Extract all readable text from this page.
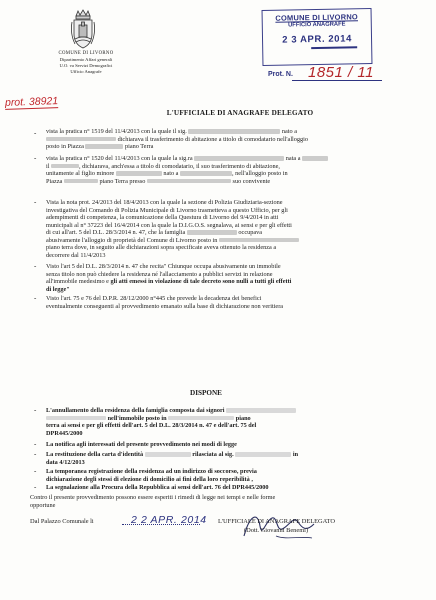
COMUNE DI LIVORNO
Dipartimento Affari generali
U.O. va Servizi Demografici
Ufficio Anagrafe
COMUNE DI LIVORNO
UFFICIO ANAGRAFE
2 3 APR. 2014
Prot. N. 1851 / 11
prot. 38921
L'UFFICIALE DI ANAGRAFE DELEGATO
- vista la pratica n° 1519 del 11/4/2013 con la quale il sig.	nato a
dichiarava il trasferimento di abitazione a titolo di comodatario nell'alloggio
posto in Piazza	piano Terra
- vista la pratica n° 1520 del 11/4/2013 con la quale la sig.ra	nata a
il	, dichiarava, anch'essa a titolo di comodatario, il suo trasferimento di abitazione,
unitamente al figlio minore	nato a	, nell'alloggio posto in
Piazza	piano Terra presso	suo convivente
- Vista la nota prot. 24/2013 del 18/4/2013 con la quale la sezione di Polizia Giudiziaria-sezione
investigativa del Comando di Polizia Municipale di Livorno trasmetteva a questo Ufficio, per gli
adempimenti di competenza, la comunicazione della Questura di Livorno del 9/4/2014 in atti
municipali al n° 37223 del 16/4/2014 con la quale la D.I.G.O.S. segnalava, ai sensi e per gli effetti
di cui all'art. 5 del D.L. 28/3/2014 n. 47, che la famiglia	occupava
abusivamente l'alloggio di proprietà del Comune di Livorno posto in
piano terra dove, in seguito alle dichiarazioni sopra specificate aveva ottenuto la residenza a
decorrere dal 11/4/2013
- Visto l'art 5 del D.L. 28/3/2014 n. 47 che recita" Chiunque occupa abusivamente un immobile
senza titolo non può chiedere la residenza né l'allacciamento a pubblici servizi in relazione
all'immobile medesimo e gli atti emessi in violazione di tale decreto sono nulli a tutti gli effetti
di legge"
- Visto l'art. 75 e 76 del D.P.R. 28/12/2000 n°445 che prevede la decadenza dei benefici
eventualmente conseguenti al provvedimento emanato sulla base di dichiarazione non veritiera
DISPONE
- L'annullamento della residenza della famiglia composta dai signori
nell'immobile posto in	piano
terra ai sensi e per gli effetti dell'art. 5 del D.L. 28/3/2014 n. 47 e dell'art. 75 del
DPR445/2000
- La notifica agli interessati del presente provvedimento nei modi di legge
- La restituzione della carta d'identità	rilasciata al sig.	in
data 4/12/2013
- La temporanea registrazione della residenza ad un indirizzo di soccorso, previa
dichiarazione degli stessi di elezione di domicilio ai fini della loro reperibilità ,
- La segnalazione alla Procura della Repubblica ai sensi dell'art. 76 del DPR445/2000
Contro il presente provvedimento possono essere esperiti i rimedi di legge nei tempi e nelle forme
opportune
Dal Palazzo Comunale li	2 2 APR. 2014 L'UFFICIALE DI ANAGRAFE DELEGATO
(Dott. Giovanni Benemi)
